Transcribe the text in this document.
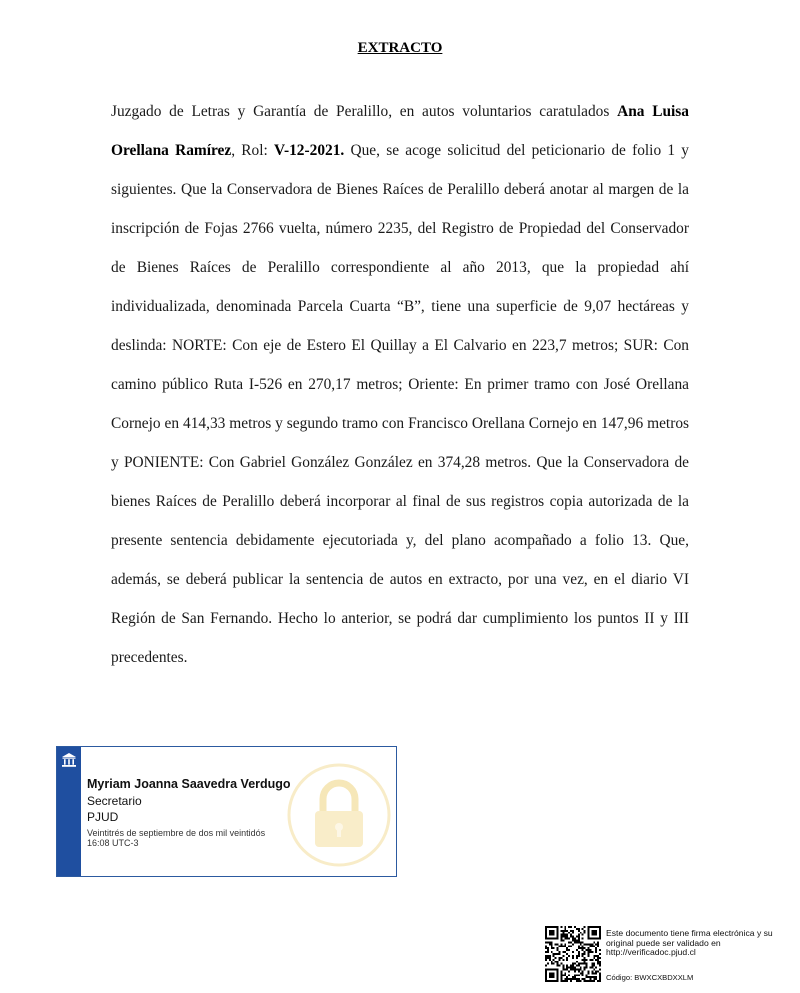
EXTRACTO
Juzgado de Letras y Garantía de Peralillo, en autos voluntarios caratulados Ana Luisa Orellana Ramírez, Rol: V-12-2021. Que, se acoge solicitud del peticionario de folio 1 y siguientes. Que la Conservadora de Bienes Raíces de Peralillo deberá anotar al margen de la inscripción de Fojas 2766 vuelta, número 2235, del Registro de Propiedad del Conservador de Bienes Raíces de Peralillo correspondiente al año 2013, que la propiedad ahí individualizada, denominada Parcela Cuarta “B”, tiene una superficie de 9,07 hectáreas y deslinda: NORTE: Con eje de Estero El Quillay a El Calvario en 223,7 metros; SUR: Con camino público Ruta I-526 en 270,17 metros; Oriente: En primer tramo con José Orellana Cornejo en 414,33 metros y segundo tramo con Francisco Orellana Cornejo en 147,96 metros y PONIENTE: Con Gabriel González González en 374,28 metros. Que la Conservadora de bienes Raíces de Peralillo deberá incorporar al final de sus registros copia autorizada de la presente sentencia debidamente ejecutoriada y, del plano acompañado a folio 13. Que, además, se deberá publicar la sentencia de autos en extracto, por una vez, en el diario VI Región de San Fernando. Hecho lo anterior, se podrá dar cumplimiento los puntos II y III precedentes.
Myriam Joanna Saavedra Verdugo
Secretario
PJUD
Veintitrés de septiembre de dos mil veintidós
16:08 UTC-3
Este documento tiene firma electrónica y su original puede ser validado en http://verificadoc.pjud.cl
Código: BWXCXBDXXLM
